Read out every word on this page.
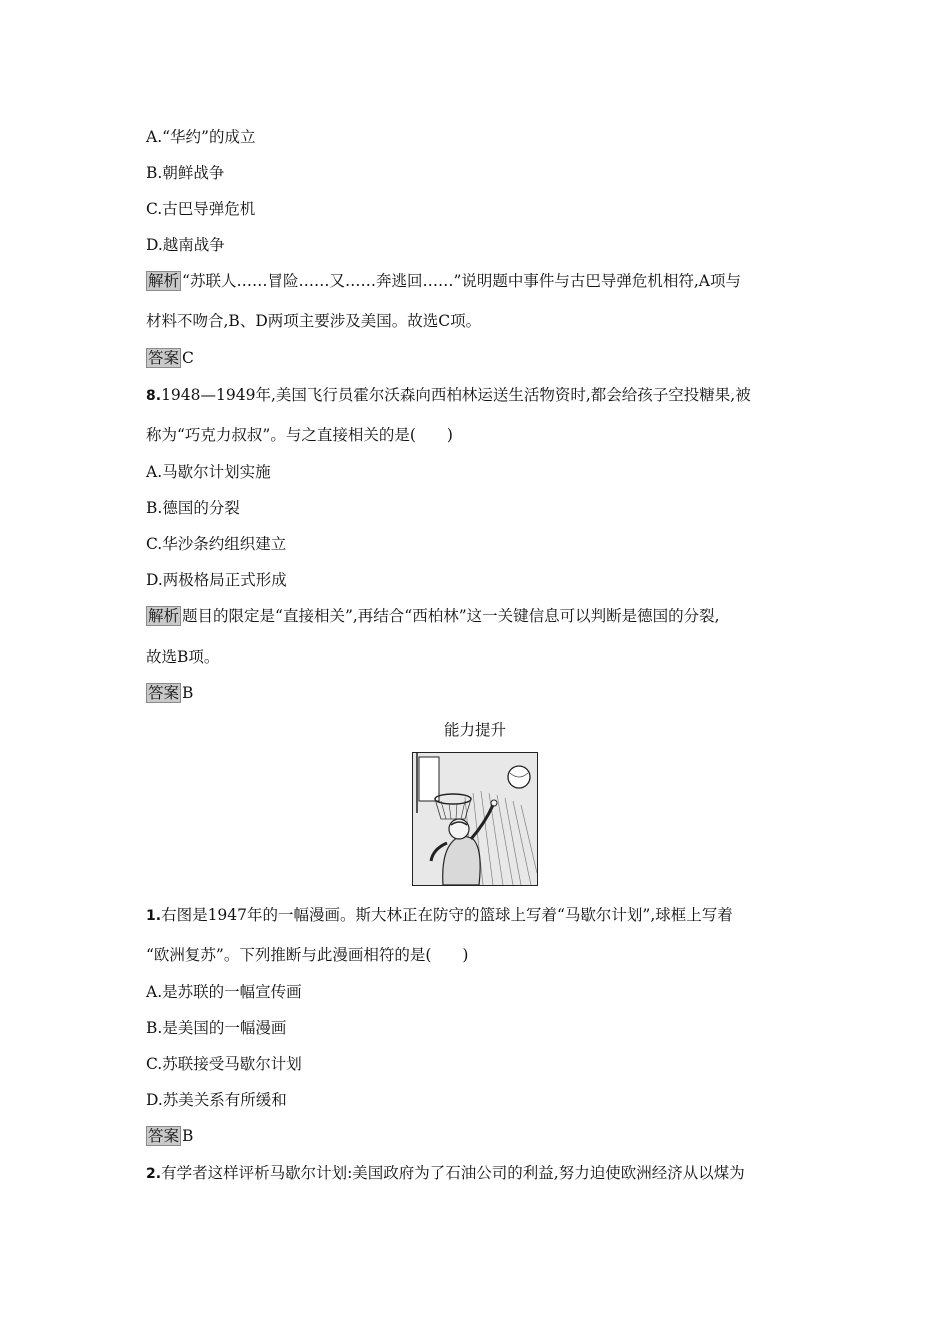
A.“华约”的成立
B.朝鲜战争
C.古巴导弹危机
D.越南战争
解析 “苏联人……冒险……又……奔逃回……”说明题中事件与古巴导弹危机相符,A项与
材料不吻合,B、D两项主要涉及美国。故选C项。
答案 C
8.1948—1949年,美国飞行员霍尔沃森向西柏林运送生活物资时,都会给孩子空投糖果,被
称为“巧克力叔叔”。与之直接相关的是(　　)
A.马歇尔计划实施
B.德国的分裂
C.华沙条约组织建立
D.两极格局正式形成
解析 题目的限定是“直接相关”,再结合“西柏林”这一关键信息可以判断是德国的分裂,
故选B项。
答案 B
能力提升
1.右图是1947年的一幅漫画。斯大林正在防守的篮球上写着“马歇尔计划”,球框上写着
“欧洲复苏”。下列推断与此漫画相符的是(　　)
A.是苏联的一幅宣传画
B.是美国的一幅漫画
C.苏联接受马歇尔计划
D.苏美关系有所缓和
答案 B
2.有学者这样评析马歇尔计划:美国政府为了石油公司的利益,努力迫使欧洲经济从以煤为
